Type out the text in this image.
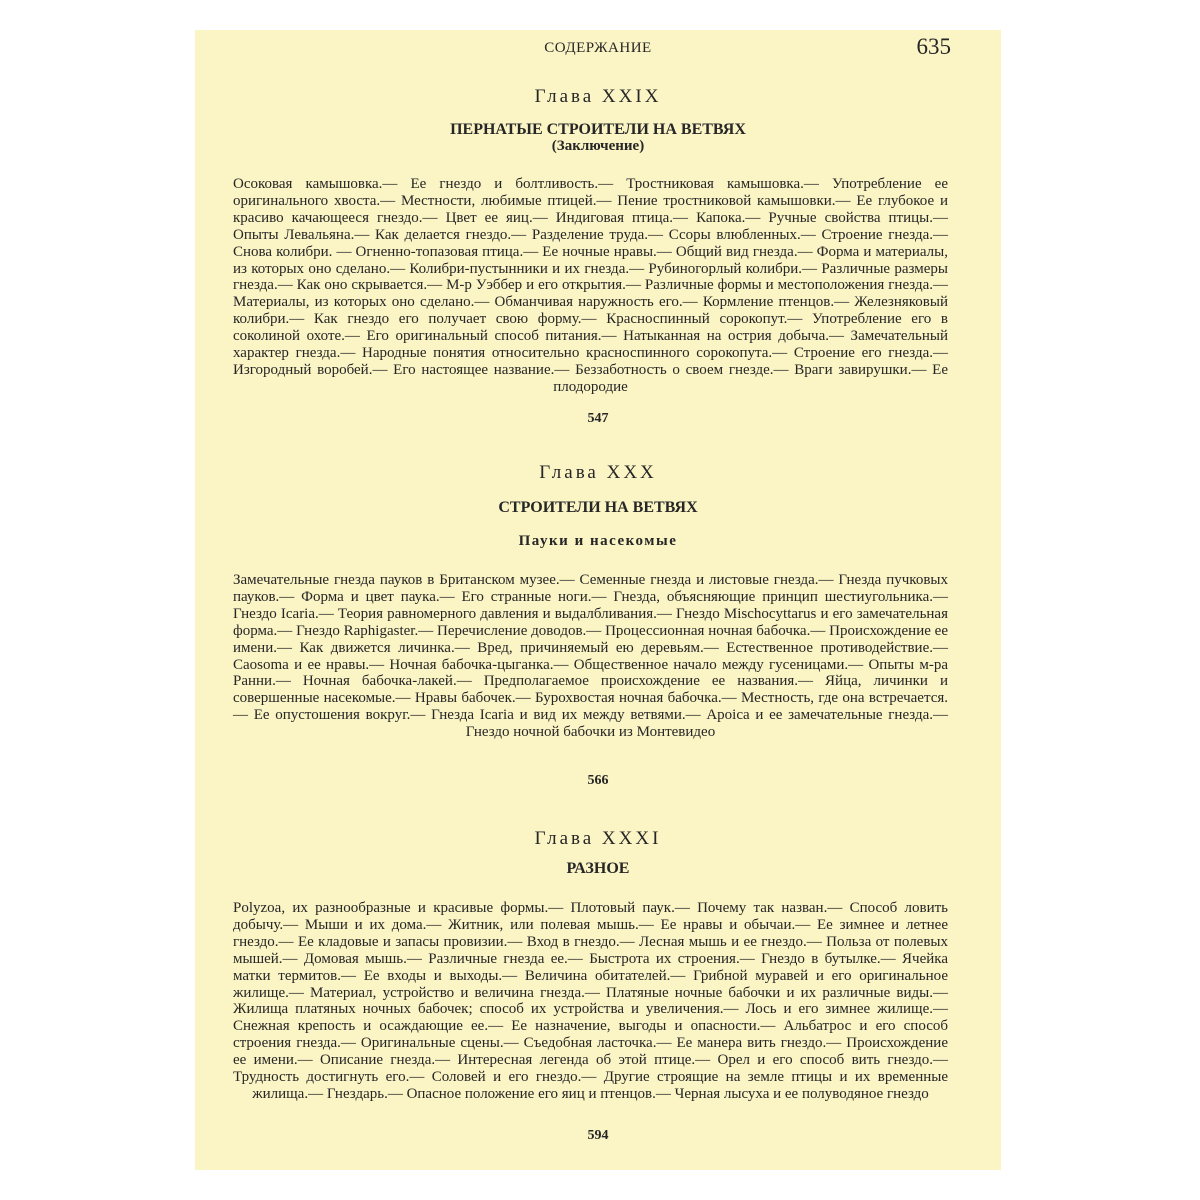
СОДЕРЖАНИЕ	635
Глава XXIX
ПЕРНАТЫЕ СТРОИТЕЛИ НА ВЕТВЯХ
(Заключение)

Осоковая камышовка.— Ее гнездо и болтливость.— Тростниковая камышовка.— Употребление ее оригинального хвоста.— Местности, любимые птицей.— Пение тростниковой камышовки.— Ее глубокое и красиво качающееся гнездо.— Цвет ее яиц.— Индиговая птица.— Капока.— Ручные свойства птицы.— Опыты Левальяна.— Как делается гнездо.— Разделение труда.— Ссоры влюбленных.— Строение гнезда.— Снова колибри. — Огненно-топазовая птица.— Ее ночные нравы.— Общий вид гнезда.— Форма и материалы, из которых оно сделано.— Колибри-пустынники и их гнезда.— Рубиногорлый колибри.— Различные размеры гнезда.— Как оно скрывается.— М-р Уэббер и его открытия.— Различные формы и местоположения гнезда.— Материалы, из которых оно сделано.— Обманчивая наружность его.— Кормление птенцов.— Железняковый колибри.— Как гнездо его получает свою форму.— Красноспинный сорокопут.— Употребление его в соколиной охоте.— Его оригинальный способ питания.— Натыканная на острия добыча.— Замечательный характер гнезда.— Народные понятия относительно красноспинного сорокопута.— Строение его гнезда.— Изгородный воробей.— Его настоящее название.— Беззаботность о своем гнезде.— Враги завирушки.— Ее плодородие

547
Глава XXX
СТРОИТЕЛИ НА ВЕТВЯХ
Пауки и насекомые

Замечательные гнезда пауков в Британском музее.— Семенные гнезда и листовые гнезда.— Гнезда пучковых пауков.— Форма и цвет паука.— Его странные ноги.— Гнезда, объясняющие принцип шестиугольника.— Гнездо Icaria.— Теория равномерного давления и выдалбливания.— Гнездо Mischocyttarus и его замечательная форма.— Гнездо Raphigaster.— Перечисление доводов.— Процессионная ночная бабочка.— Происхождение ее имени.— Как движется личинка.— Вред, причиняемый ею деревьям.— Естественное противодействие.— Caosoma и ее нравы.— Ночная бабочка-цыганка.— Общественное начало между гусеницами.— Опыты м-ра Ранни.— Ночная бабочка-лакей.— Предполагаемое происхождение ее названия.— Яйца, личинки и совершенные насекомые.— Нравы бабочек.— Бурохвостая ночная бабочка.— Местность, где она встречается.— Ее опустошения вокруг.— Гнезда Icaria и вид их между ветвями.— Apoica и ее замечательные гнезда.— Гнездо ночной бабочки из Монтевидео

566
Глава XXXI
РАЗНОЕ

Polyzoa, их разнообразные и красивые формы.— Плотовый паук.— Почему так назван.— Способ ловить добычу.— Мыши и их дома.— Житник, или полевая мышь.— Ее нравы и обычаи.— Ее зимнее и летнее гнездо.— Ее кладовые и запасы провизии.— Вход в гнездо.— Лесная мышь и ее гнездо.— Польза от полевых мышей.— Домовая мышь.— Различные гнезда ее.— Быстрота их строения.— Гнездо в бутылке.— Ячейка матки термитов.— Ее входы и выходы.— Величина обитателей.— Грибной муравей и его оригинальное жилище.— Материал, устройство и величина гнезда.— Платяные ночные бабочки и их различные виды.— Жилища платяных ночных бабочек; способ их устройства и увеличения.— Лось и его зимнее жилище.— Снежная крепость и осаждающие ее.— Ее назначение, выгоды и опасности.— Альбатрос и его способ строения гнезда.— Оригинальные сцены.— Съедобная ласточка.— Ее манера вить гнездо.— Происхождение ее имени.— Описание гнезда.— Интересная легенда об этой птице.— Орел и его способ вить гнездо.— Трудность достигнуть его.— Соловей и его гнездо.— Другие строящие на земле птицы и их временные жилища.— Гнездарь.— Опасное положение его яиц и птенцов.— Черная лысуха и ее полуводяное гнездо

594
